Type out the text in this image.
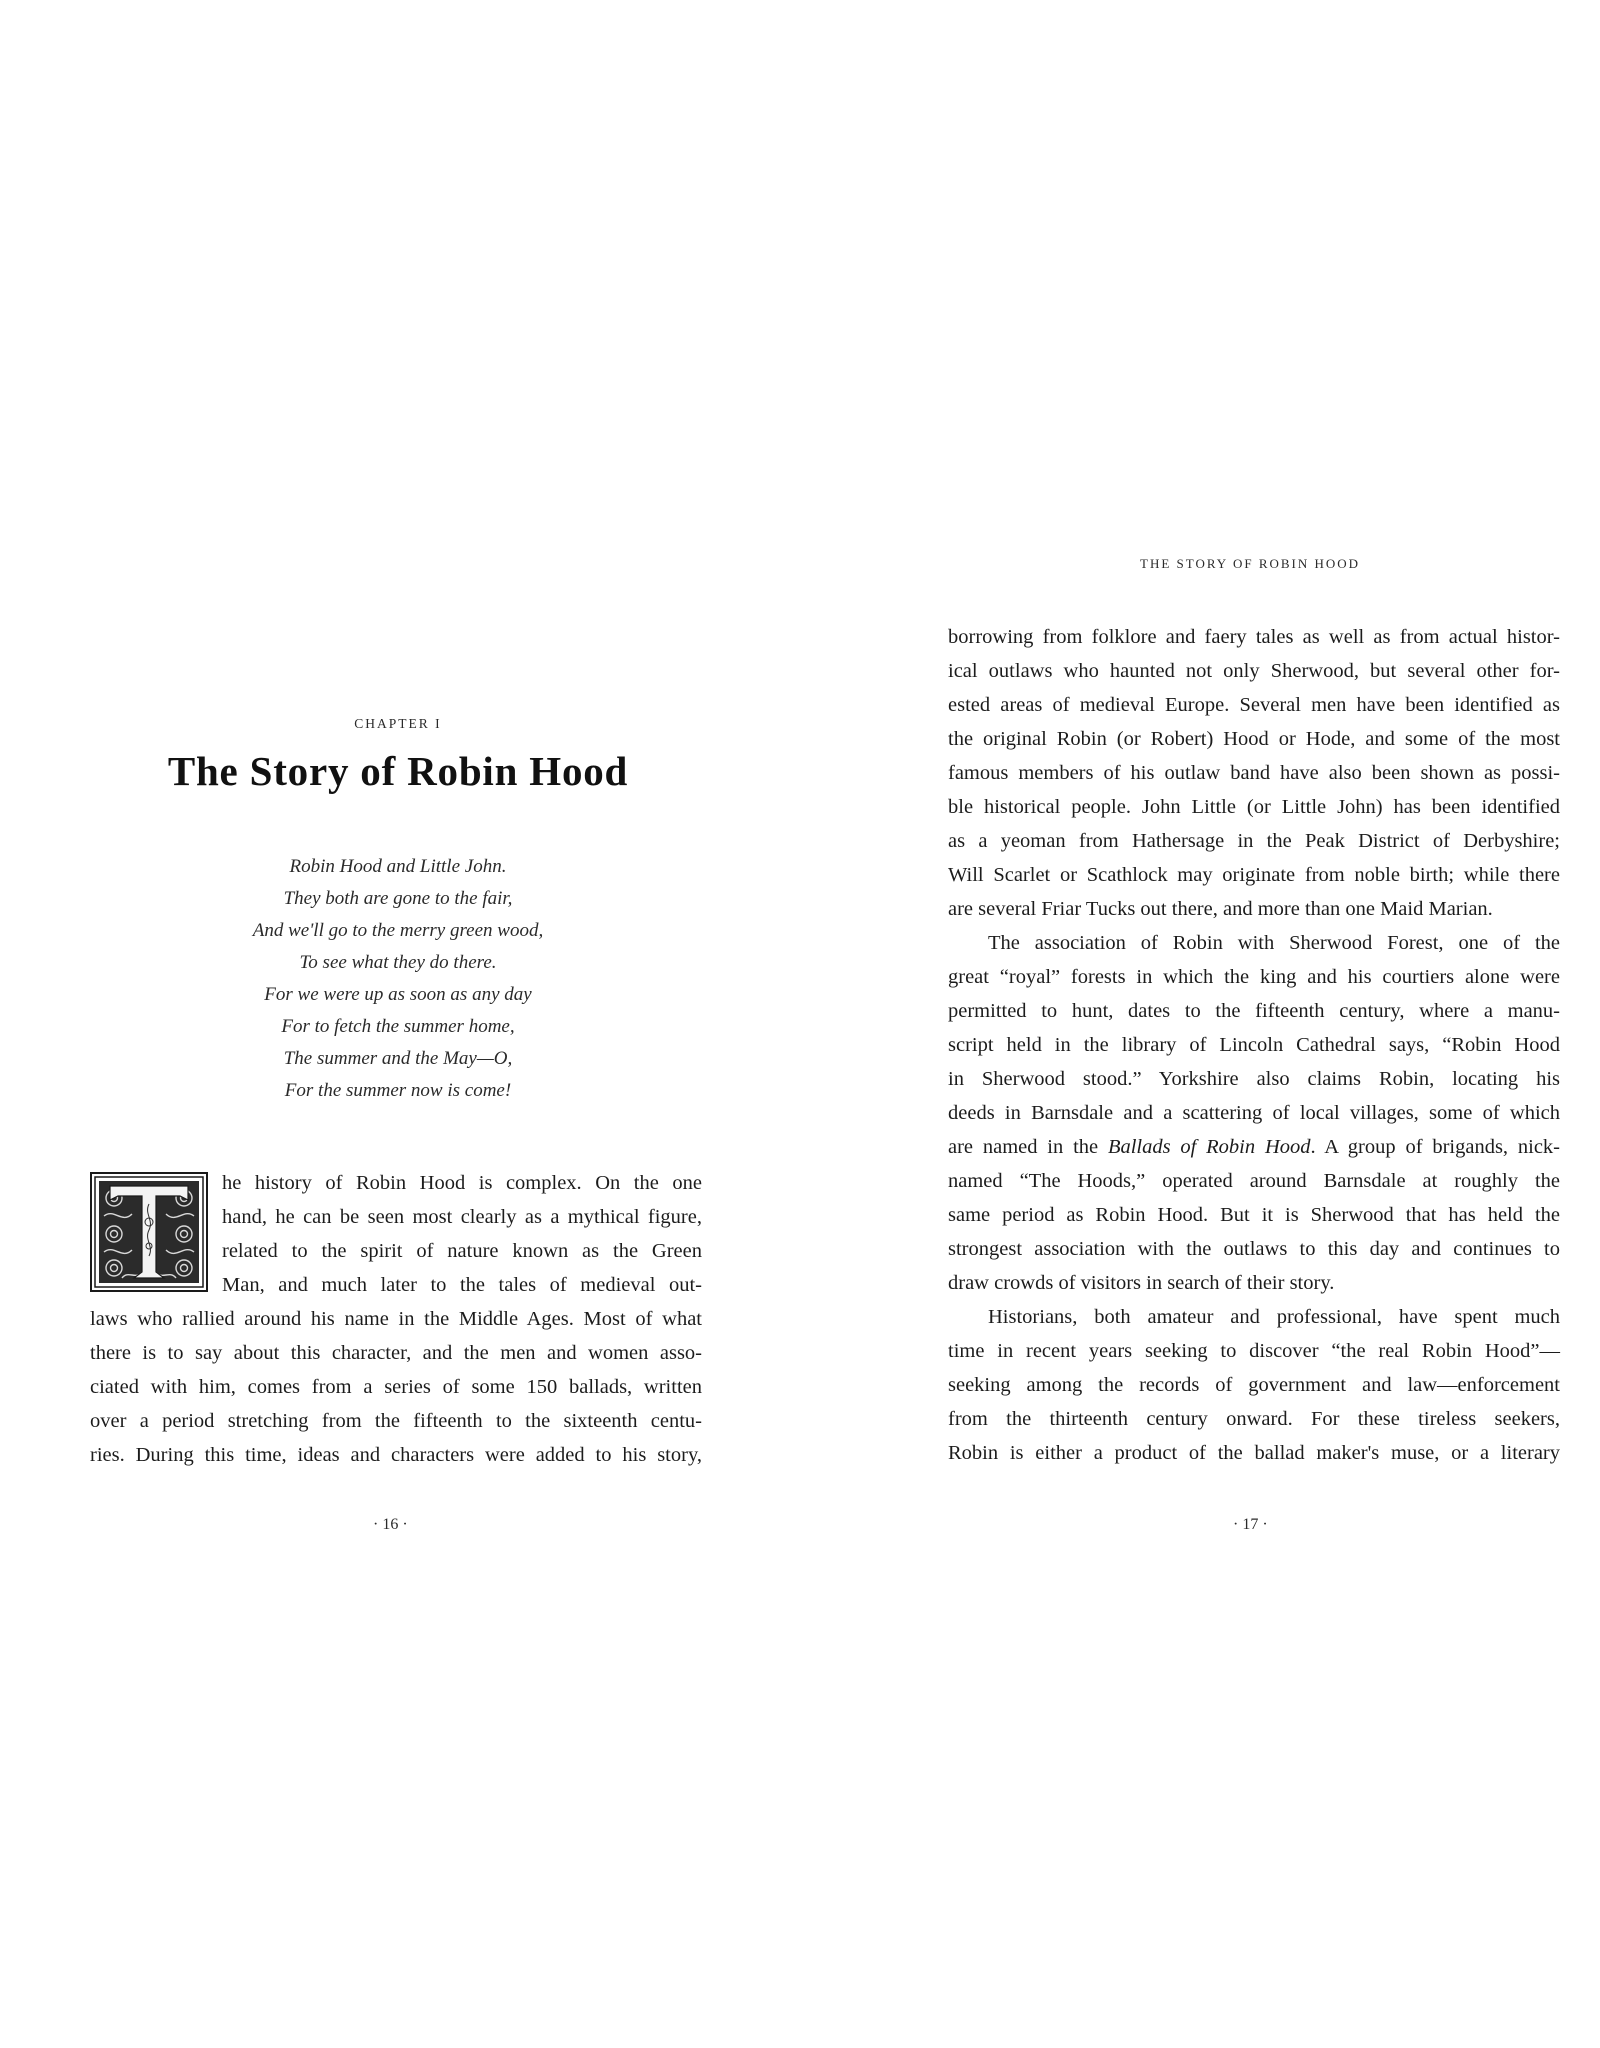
CHAPTER I
The Story of Robin Hood
Robin Hood and Little John.
They both are gone to the fair,
And we'll go to the merry green wood,
To see what they do there.
For we were up as soon as any day
For to fetch the summer home,
The summer and the May—O,
For the summer now is come!
he history of Robin Hood is complex. On the one
hand, he can be seen most clearly as a mythical figure,
related to the spirit of nature known as the Green
Man, and much later to the tales of medieval out-
laws who rallied around his name in the Middle Ages. Most of what
there is to say about this character, and the men and women asso-
ciated with him, comes from a series of some 150 ballads, written
over a period stretching from the fifteenth to the sixteenth centu-
ries. During this time, ideas and characters were added to his story,
· 16 ·
THE STORY OF ROBIN HOOD
borrowing from folklore and faery tales as well as from actual histor-
ical outlaws who haunted not only Sherwood, but several other for-
ested areas of medieval Europe. Several men have been identified as
the original Robin (or Robert) Hood or Hode, and some of the most
famous members of his outlaw band have also been shown as possi-
ble historical people. John Little (or Little John) has been identified
as a yeoman from Hathersage in the Peak District of Derbyshire;
Will Scarlet or Scathlock may originate from noble birth; while there
are several Friar Tucks out there, and more than one Maid Marian.
The association of Robin with Sherwood Forest, one of the
great “royal” forests in which the king and his courtiers alone were
permitted to hunt, dates to the fifteenth century, where a manu-
script held in the library of Lincoln Cathedral says, “Robin Hood
in Sherwood stood.” Yorkshire also claims Robin, locating his
deeds in Barnsdale and a scattering of local villages, some of which
are named in the Ballads of Robin Hood. A group of brigands, nick-
named “The Hoods,” operated around Barnsdale at roughly the
same period as Robin Hood. But it is Sherwood that has held the
strongest association with the outlaws to this day and continues to
draw crowds of visitors in search of their story.
Historians, both amateur and professional, have spent much
time in recent years seeking to discover “the real Robin Hood”—
seeking among the records of government and law—enforcement
from the thirteenth century onward. For these tireless seekers,
Robin is either a product of the ballad maker's muse, or a literary
· 17 ·
